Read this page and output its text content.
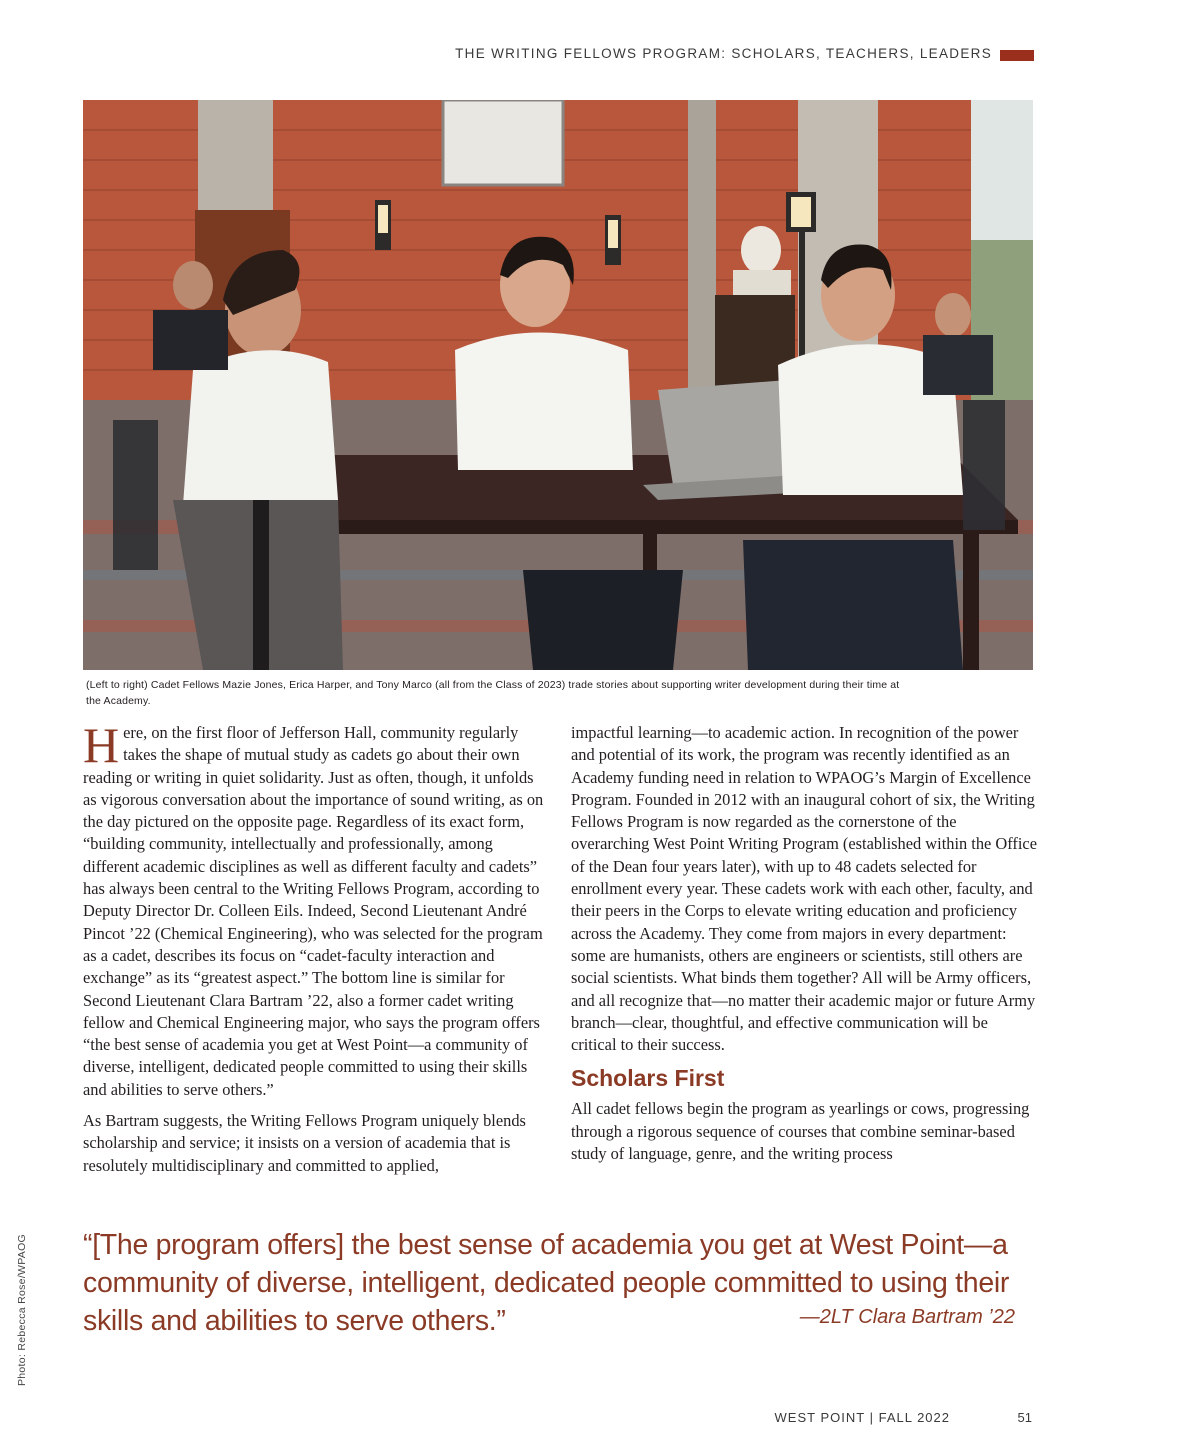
THE WRITING FELLOWS PROGRAM: SCHOLARS, TEACHERS, LEADERS
(Left to right) Cadet Fellows Mazie Jones, Erica Harper, and Tony Marco (all from the Class of 2023) trade stories about supporting writer development during their time at
the Academy.

Here, on the first floor of Jefferson Hall, community regularly takes the shape of mutual study as cadets go about their own reading or writing in quiet solidarity. Just as often, though, it unfolds as vigorous conversation about the importance of sound writing, as on the day pictured on the opposite page. Regardless of its exact form, “building community, intellectually and professionally, among different academic disciplines as well as different faculty and cadets” has always been central to the Writing Fellows Program, according to Deputy Director Dr. Colleen Eils. Indeed, Second Lieutenant André Pincot ’22 (Chemical Engineering), who was selected for the program as a cadet, describes its focus on “cadet-faculty interaction and exchange” as its “greatest aspect.” The bottom line is similar for Second Lieutenant Clara Bartram ’22, also a former cadet writing fellow and Chemical Engineering major, who says the program offers “the best sense of academia you get at West Point—a community of diverse, intelligent, dedicated people committed to using their skills and abilities to serve others.”

As Bartram suggests, the Writing Fellows Program uniquely blends scholarship and service; it insists on a version of academia that is resolutely multidisciplinary and committed to applied,

impactful learning—to academic action. In recognition of the power and potential of its work, the program was recently identified as an Academy funding need in relation to WPAOG’s Margin of Excellence Program. Founded in 2012 with an inaugural cohort of six, the Writing Fellows Program is now regarded as the cornerstone of the overarching West Point Writing Program (established within the Office of the Dean four years later), with up to 48 cadets selected for enrollment every year. These cadets work with each other, faculty, and their peers in the Corps to elevate writing education and proficiency across the Academy. They come from majors in every department: some are humanists, others are engineers or scientists, still others are social scientists. What binds them together? All will be Army officers, and all recognize that—no matter their academic major or future Army branch—clear, thoughtful, and effective communication will be critical to their success.

Scholars First

All cadet fellows begin the program as yearlings or cows, progressing through a rigorous sequence of courses that combine seminar-based study of language, genre, and the writing process

“[The program offers] the best sense of academia you get at West Point—a community of diverse, intelligent, dedicated people committed to using their skills and abilities to serve others.”	—2LT Clara Bartram ’22
Photo: Rebecca Rose/WPAOG
WEST POINT | FALL 2022	51
